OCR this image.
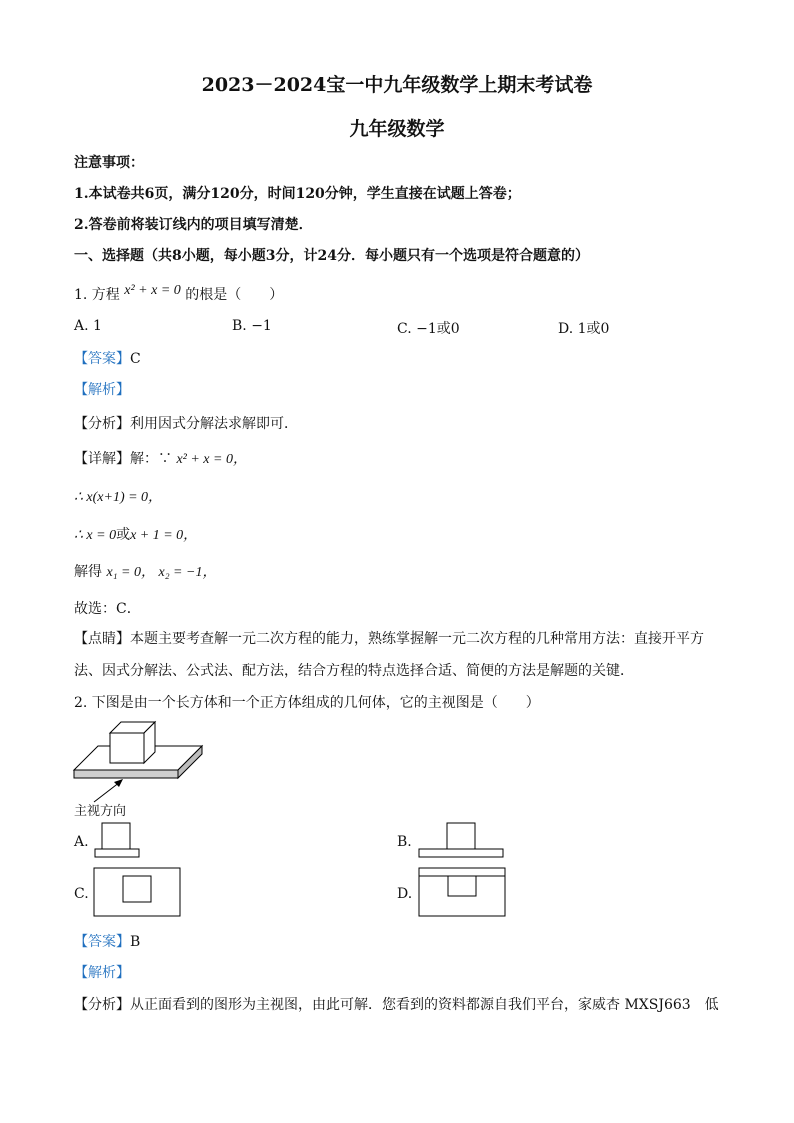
2023－2024宝一中九年级数学上期末考试卷
九年级数学
注意事项：
1.本试卷共6页，满分120分，时间120分钟，学生直接在试题上答卷；
2.答卷前将装订线内的项目填写清楚．
一、选择题（共8小题，每小题3分，计24分．每小题只有一个选项是符合题意的）
1. 方程 x² + x = 0 的根是（　　）
A. 1	B. −1	C. −1或0	D. 1或0
【答案】C
【解析】
【分析】利用因式分解法求解即可．
【详解】解：∵ x² + x = 0，
∴ x(x+1) = 0，
∴ x = 0或x + 1 = 0，
解得 x₁ = 0， x₂ = −1，
故选：C．
【点睛】本题主要考查解一元二次方程的能力，熟练掌握解一元二次方程的几种常用方法：直接开平方
法、因式分解法、公式法、配方法，结合方程的特点选择合适、简便的方法是解题的关键．
2. 下图是由一个长方体和一个正方体组成的几何体，它的主视图是（　　）
主视方向
A.	B.
C.	D.
【答案】B
【解析】
【分析】从正面看到的图形为主视图，由此可解．您看到的资料都源自我们平台，家威杏 MXSJ663　低
